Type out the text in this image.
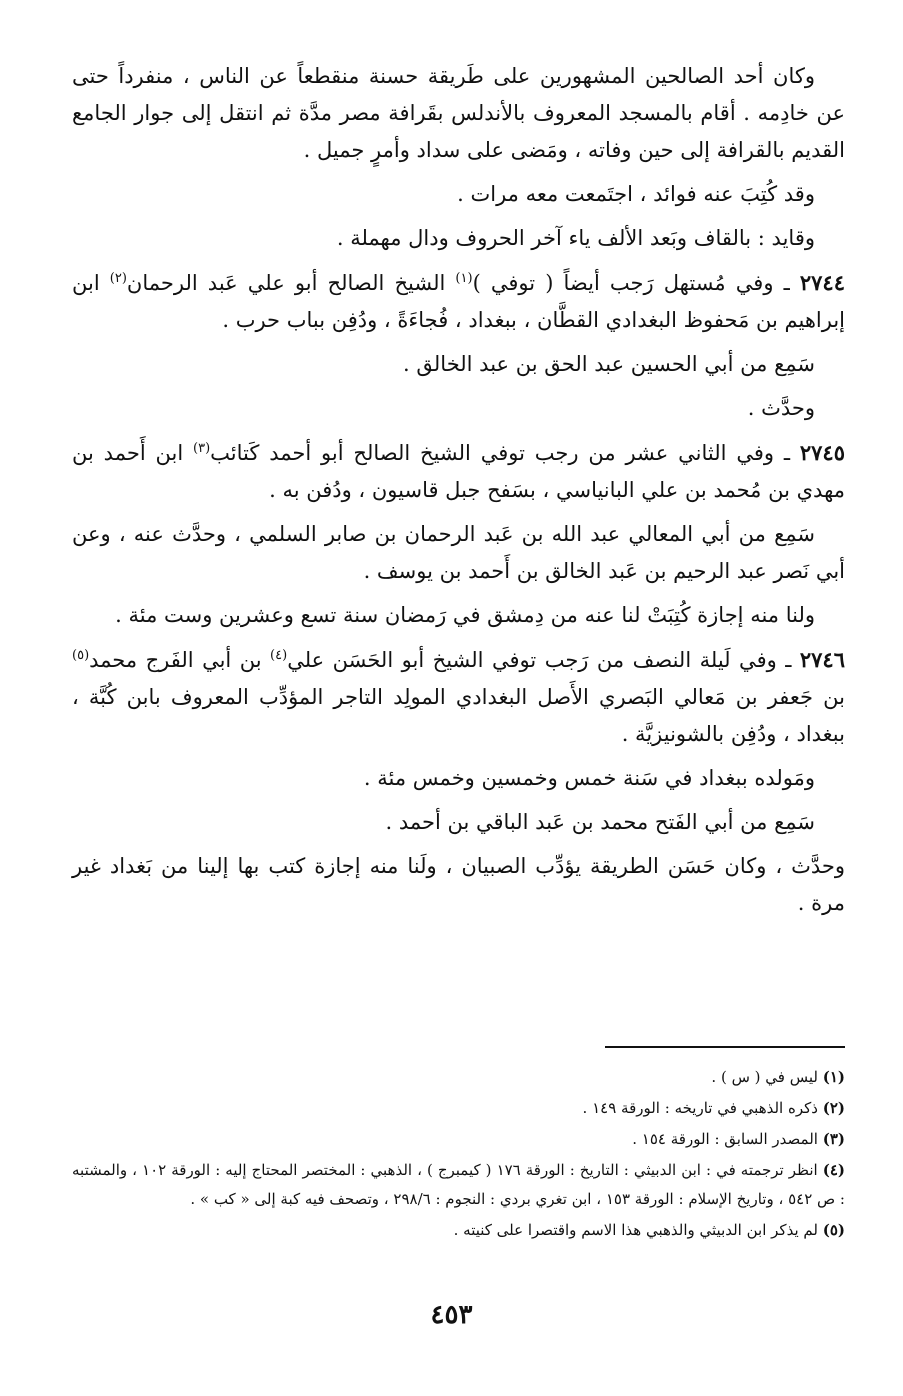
وكان أحد الصالحين المشهورين على طَريقة حسنة منقطعاً عن الناس ، منفرداً حتى عن خادِمه . أقام بالمسجد المعروف بالأندلس بقَرافة مصر مدَّة ثم انتقل إلى جوار الجامع القديم بالقرافة إلى حين وفاته ، ومَضى على سداد وأمرٍ جميل .

وقد كُتِبَ عنه فوائد ، اجتَمعت معه مرات .

وقايد : بالقاف وبَعد الألف ياء آخر الحروف ودال مهملة .

٢٧٤٤ ـ وفي مُستهل رَجب أيضاً ( توفي )$^{(١)}$ الشيخ الصالح أبو علي عَبد الرحمان$^{(٢)}$ ابن إبراهيم بن مَحفوظ البغدادي القطَّان ، ببغداد ، فُجاءَةً ، ودُفِن بباب حرب .

سَمِع من أبي الحسين عبد الحق بن عبد الخالق .

وحدَّث .

٢٧٤٥ ـ وفي الثاني عشر من رجب توفي الشيخ الصالح أبو أحمد كَتائب$^{(٣)}$ ابن أَحمد بن مهدي بن مُحمد بن علي البانياسي ، بسَفح جبل قاسيون ، ودُفن به .

سَمِع من أبي المعالي عبد الله بن عَبد الرحمان بن صابر السلمي ، وحدَّث عنه ، وعن أبي نَصر عبد الرحيم بن عَبد الخالق بن أَحمد بن يوسف .

ولنا منه إجازة كُتِبَتْ لنا عنه من دِمشق في رَمضان سنة تسع وعشرين وست مئة .

٢٧٤٦ ـ وفي لَيلة النصف من رَجب توفي الشيخ أبو الحَسَن علي$^{(٤)}$ بن أبي الفَرج محمد$^{(٥)}$ بن جَعفر بن مَعالي البَصري الأَصل البغدادي المولِد التاجر المؤدِّب المعروف بابن كُبَّة ، ببغداد ، ودُفِن بالشونيزيَّة .

ومَولده ببغداد في سَنة خمس وخمسين وخمس مئة .

سَمِع من أبي الفَتح محمد بن عَبد الباقي بن أحمد .

وحدَّث ، وكان حَسَن الطريقة يؤدِّب الصبيان ، ولَنا منه إجازة كتب بها إلينا من بَغداد غير مرة .

(١) ليس في ( س ) .

(٢) ذكره الذهبي في تاريخه : الورقة ١٤٩ .

(٣) المصدر السابق : الورقة ١٥٤ .

(٤) انظر ترجمته في : ابن الدبيثي : التاريخ : الورقة ١٧٦ ( كيمبرج ) ، الذهبي : المختصر المحتاج إليه : الورقة ١٠٢ ، والمشتبه : ص ٥٤٢ ، وتاريخ الإسلام : الورقة ١٥٣ ، ابن تغري بردي : النجوم : ٢٩٨/٦ ، وتصحف فيه كبة إلى « كب » .

(٥) لم يذكر ابن الدبيثي والذهبي هذا الاسم واقتصرا على كنيته .

٤٥٣
